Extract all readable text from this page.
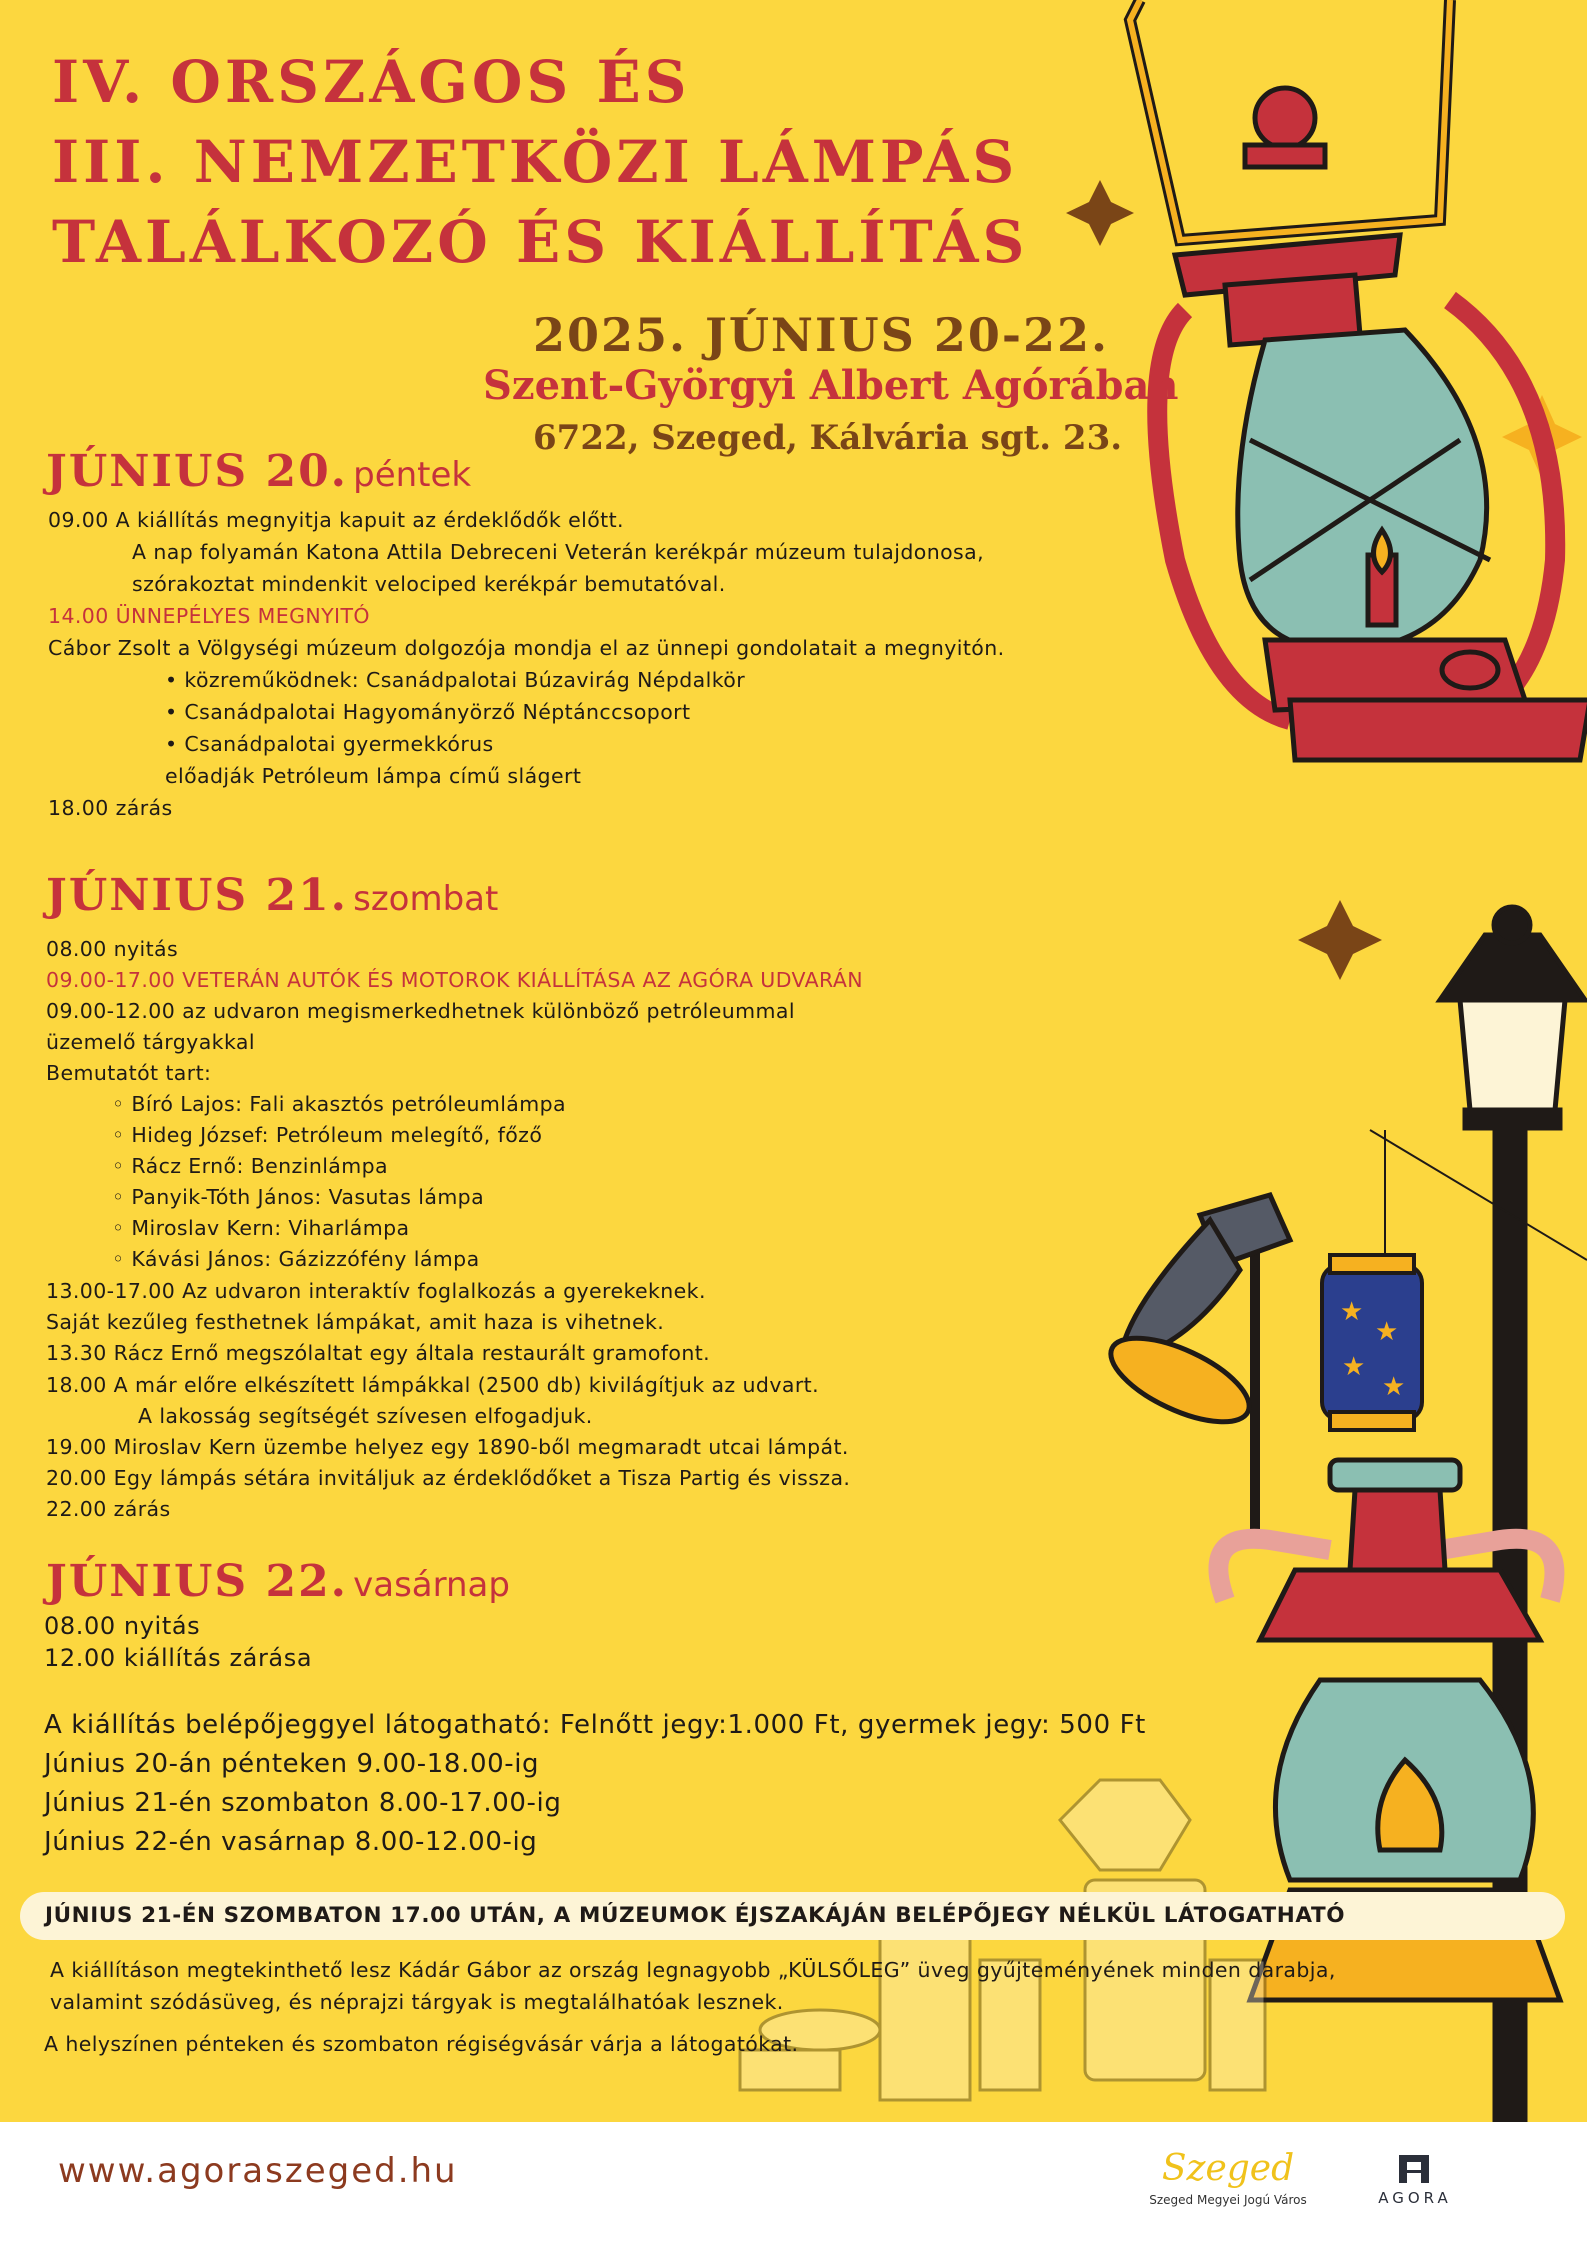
★
★
★
★
IV. ORSZÁGOS ÉS
III. NEMZETKÖZI LÁMPÁS
TALÁLKOZÓ ÉS KIÁLLÍTÁS
2025. JÚNIUS 20-22.
Szent-Györgyi Albert Agórában
6722, Szeged, Kálvária sgt. 23.
JÚNIUS 20. péntek
09.00 A kiállítás megnyitja kapuit az érdeklődők előtt.
A nap folyamán Katona Attila Debreceni Veterán kerékpár múzeum tulajdonosa,
szórakoztat mindenkit velociped kerékpár bemutatóval.
14.00 ÜNNEPÉLYES MEGNYITÓ
Cábor Zsolt a Völgységi múzeum dolgozója mondja el az ünnepi gondolatait a megnyitón.
• közreműködnek: Csanádpalotai Búzavirág Népdalkör
• Csanádpalotai Hagyományörző Néptánccsoport
• Csanádpalotai gyermekkórus
előadják Petróleum lámpa című slágert
18.00 zárás
JÚNIUS 21. szombat
08.00 nyitás
09.00-17.00 VETERÁN AUTÓK ÉS MOTOROK KIÁLLÍTÁSA AZ AGÓRA UDVARÁN
09.00-12.00 az udvaron megismerkedhetnek különböző petróleummal
üzemelő tárgyakkal
Bemutatót tart:
◦ Bíró Lajos: Fali akasztós petróleumlámpa
◦ Hideg József: Petróleum melegítő, főző
◦ Rácz Ernő: Benzinlámpa
◦ Panyik-Tóth János: Vasutas lámpa
◦ Miroslav Kern: Viharlámpa
◦ Kávási János: Gázizzófény lámpa
13.00-17.00 Az udvaron interaktív foglalkozás a gyerekeknek.
Saját kezűleg festhetnek lámpákat, amit haza is vihetnek.
13.30 Rácz Ernő megszólaltat egy általa restaurált gramofont.
18.00 A már előre elkészített lámpákkal (2500 db) kivilágítjuk az udvart.
A lakosság segítségét szívesen elfogadjuk.
19.00 Miroslav Kern üzembe helyez egy 1890-ből megmaradt utcai lámpát.
20.00 Egy lámpás sétára invitáljuk az érdeklődőket a Tisza Partig és vissza.
22.00 zárás
JÚNIUS 22. vasárnap
08.00 nyitás
12.00 kiállítás zárása
A kiállítás belépőjeggyel látogatható: Felnőtt jegy:1.000 Ft, gyermek jegy: 500 Ft
Június 20-án pénteken 9.00-18.00-ig
Június 21-én szombaton 8.00-17.00-ig
Június 22-én vasárnap 8.00-12.00-ig
JÚNIUS 21-ÉN SZOMBATON 17.00 UTÁN, A MÚZEUMOK ÉJSZAKÁJÁN BELÉPŐJEGY NÉLKÜL LÁTOGATHATÓ
A kiállításon megtekinthető lesz Kádár Gábor az ország legnagyobb „KÜLSŐLEG” üveg gyűjteményének minden darabja,
valamint szódásüveg, és néprajzi tárgyak is megtalálhatóak lesznek.
A helyszínen pénteken és szombaton régiségvásár várja a látogatókat.
www.agoraszeged.hu	Szeged
Szeged Megyei Jogú Város	AGORA
